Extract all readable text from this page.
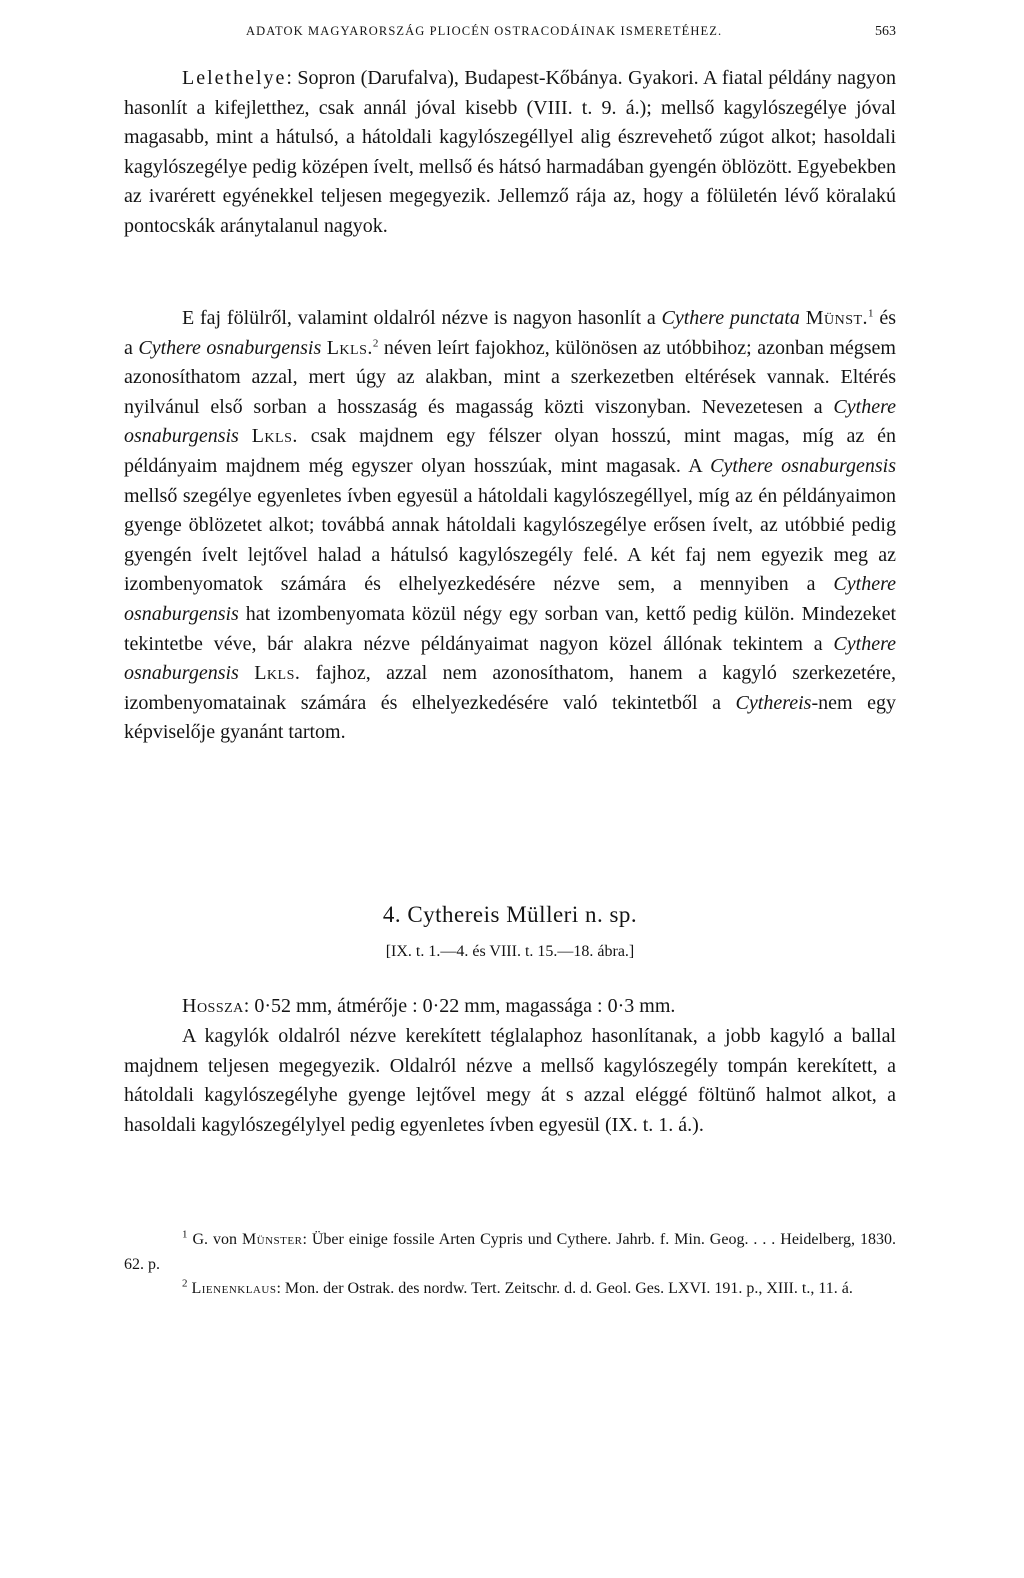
ADATOK MAGYARORSZÁG PLIOCÉN OSTRACODÁINAK ISMERETÉHEZ.	563

Lelethelye: Sopron (Darufalva), Budapest-Kőbánya. Gyakori. A fiatal példány nagyon hasonlít a kifejletthez, csak annál jóval kisebb (VIII. t. 9. á.); mellső kagylószegélye jóval magasabb, mint a hátulsó, a hátoldali kagylószegéllyel alig észrevehető zúgot alkot; hasoldali kagylószegélye pedig középen ívelt, mellső és hátsó harmadában gyengén öblözött. Egyebekben az ivarérett egyénekkel teljesen megegyezik. Jellemző rája az, hogy a fölületén lévő köralakú pontocskák aránytalanul nagyok.

E faj fölülről, valamint oldalról nézve is nagyon hasonlít a Cythere punctata Münst.$^1$ és a Cythere osnaburgensis Lkls.$^2$ néven leírt fajokhoz, különösen az utóbbihoz; azonban mégsem azonosíthatom azzal, mert úgy az alakban, mint a szerkezetben eltérések vannak. Eltérés nyilvánul első sorban a hosszaság és magasság közti viszonyban. Nevezetesen a Cythere osnaburgensis Lkls. csak majdnem egy félszer olyan hosszú, mint magas, míg az én példányaim majdnem még egyszer olyan hosszúak, mint magasak. A Cythere osnaburgensis mellső szegélye egyenletes ívben egyesül a hátoldali kagylószegéllyel, míg az én példányaimon gyenge öblözetet alkot; továbbá annak hátoldali kagylószegélye erősen ívelt, az utóbbié pedig gyengén ívelt lejtővel halad a hátulsó kagylószegély felé. A két faj nem egyezik meg az izombenyomatok számára és elhelyezkedésére nézve sem, a mennyiben a Cythere osnaburgensis hat izombenyomata közül négy egy sorban van, kettő pedig külön. Mindezeket tekintetbe véve, bár alakra nézve példányaimat nagyon közel állónak tekintem a Cythere osnaburgensis Lkls. fajhoz, azzal nem azonosíthatom, hanem a kagyló szerkezetére, izombenyomatainak számára és elhelyezkedésére való tekintetből a Cythereis-nem egy képviselője gyanánt tartom.

4. Cythereis Mülleri n. sp.
[IX. t. 1.—4. és VIII. t. 15.—18. ábra.]

Hossza: 0·52 mm, átmérője : 0·22 mm, magassága : 0·3 mm.

A kagylók oldalról nézve kerekített téglalaphoz hasonlítanak, a jobb kagyló a ballal majdnem teljesen megegyezik. Oldalról nézve a mellső kagylószegély tompán kerekített, a hátoldali kagylószegélyhe gyenge lejtővel megy át s azzal eléggé föltünő halmot alkot, a hasoldali kagylószegélylyel pedig egyenletes ívben egyesül (IX. t. 1. á.).

$^1$ G. von Münster: Über einige fossile Arten Cypris und Cythere. Jahrb. f. Min. Geog. . . . Heidelberg, 1830. 62. p.

$^2$ Lienenklaus: Mon. der Ostrak. des nordw. Tert. Zeitschr. d. d. Geol. Ges. LXVI. 191. p., XIII. t., 11. á.
